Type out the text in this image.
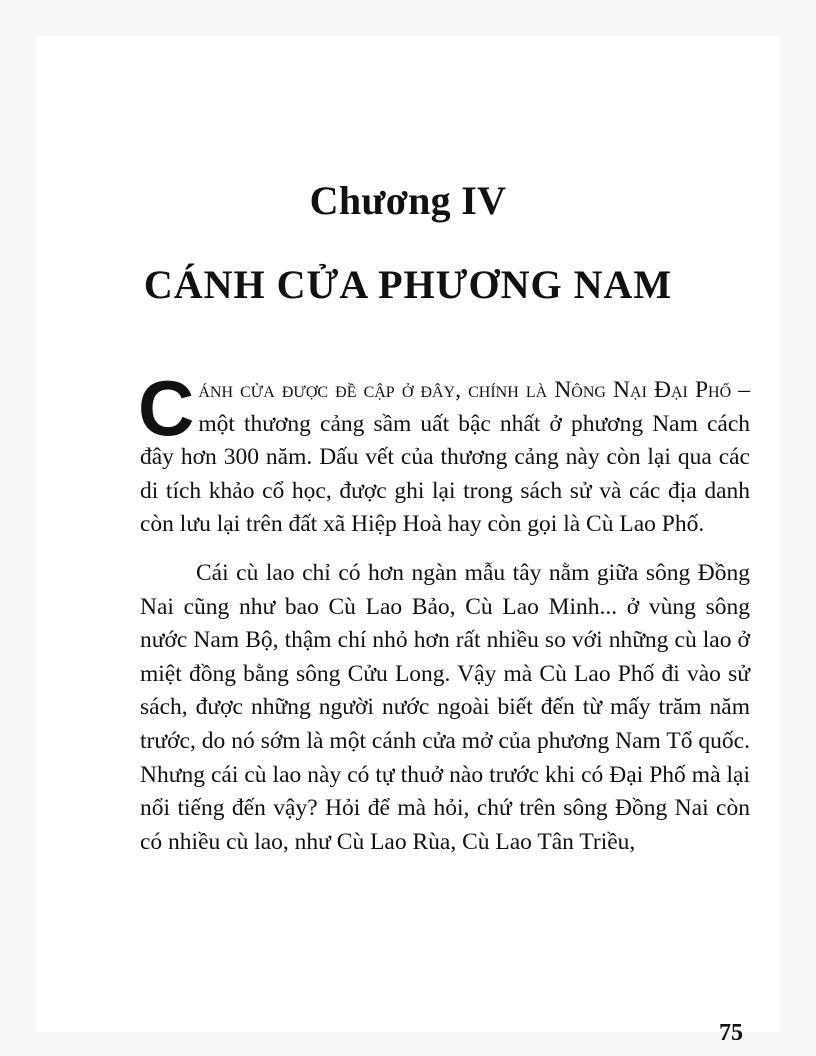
Chương IV
CÁNH CỬA PHƯƠNG NAM

Cánh cửa được đề cập ở đây, chính là Nông Nại Đại Phố – một thương cảng sầm uất bậc nhất ở phương Nam cách đây hơn 300 năm. Dấu vết của thương cảng này còn lại qua các di tích khảo cổ học, được ghi lại trong sách sử và các địa danh còn lưu lại trên đất xã Hiệp Hoà hay còn gọi là Cù Lao Phố.

Cái cù lao chỉ có hơn ngàn mẫu tây nằm giữa sông Đồng Nai cũng như bao Cù Lao Bảo, Cù Lao Minh... ở vùng sông nước Nam Bộ, thậm chí nhỏ hơn rất nhiều so với những cù lao ở miệt đồng bằng sông Cửu Long. Vậy mà Cù Lao Phố đi vào sử sách, được những người nước ngoài biết đến từ mấy trăm năm trước, do nó sớm là một cánh cửa mở của phương Nam Tổ quốc. Nhưng cái cù lao này có tự thuở nào trước khi có Đại Phố mà lại nổi tiếng đến vậy? Hỏi để mà hỏi, chứ trên sông Đồng Nai còn có nhiều cù lao, như Cù Lao Rùa, Cù Lao Tân Triều,

75
